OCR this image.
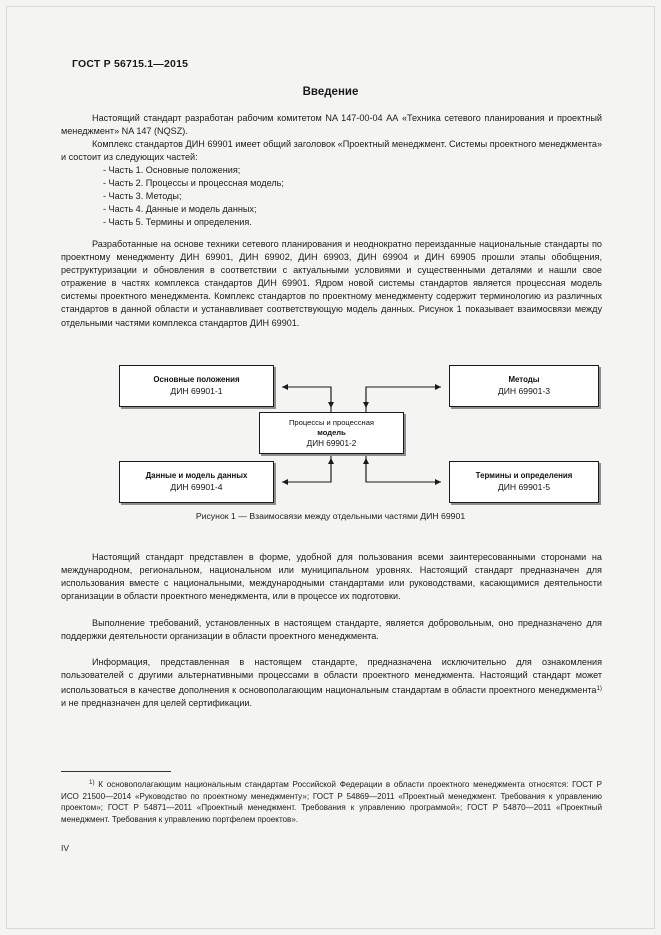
ГОСТ Р 56715.1—2015
Введение

Настоящий стандарт разработан рабочим комитетом NA 147-00-04 АА «Техника сетевого планирования и проектный менеджмент» NA 147 (NQSZ).

Комплекс стандартов ДИН 69901 имеет общий заголовок «Проектный менеджмент. Системы проектного менеджмента» и состоит из следующих частей:

- Часть 1. Основные положения;
- Часть 2. Процессы и процессная модель;
- Часть 3. Методы;
- Часть 4. Данные и модель данных;
- Часть 5. Термины и определения.

Разработанные на основе техники сетевого планирования и неоднократно переизданные национальные стандарты по проектному менеджменту ДИН 69901, ДИН 69902, ДИН 69903, ДИН 69904 и ДИН 69905 прошли этапы обобщения, реструктуризации и обновления в соответствии с актуальными условиями и существенными деталями и нашли свое отражение в частях комплекса стандартов ДИН 69901. Ядром новой системы стандартов является процессная модель системы проектного менеджмента. Комплекс стандартов по проектному менеджменту содержит терминологию из различных стандартов в данной области и устанавливает соответствующую модель данных. Рисунок 1 показывает взаимосвязи между отдельными частями комплекса стандартов ДИН 69901.

Основные положения
ДИН 69901-1
Методы
ДИН 69901-3
Процессы и процессная
модель
ДИН 69901-2
Данные и модель данных
ДИН 69901-4
Термины и определения
ДИН 69901-5
Рисунок 1 — Взаимосвязи между отдельными частями ДИН 69901

Настоящий стандарт представлен в форме, удобной для пользования всеми заинтересованными сторонами на международном, региональном, национальном или муниципальном уровнях. Настоящий стандарт предназначен для использования вместе с национальными, международными стандартами или руководствами, касающимися деятельности организации в области проектного менеджмента, или в процессе их подготовки.

Выполнение требований, установленных в настоящем стандарте, является добровольным, оно предназначено для поддержки деятельности организации в области проектного менеджмента.

Информация, представленная в настоящем стандарте, предназначена исключительно для ознакомления пользователей с другими альтернативными процессами в области проектного менеджмента. Настоящий стандарт может использоваться в качестве дополнения к основополагающим национальным стандартам в области проектного менеджмента$^{1)}$ и не предназначен для целей сертификации.

$^{1)}$ К основополагающим национальным стандартам Российской Федерации в области проектного менеджмента относятся: ГОСТ Р ИСО 21500—2014 «Руководство по проектному менеджменту»; ГОСТ Р 54869—2011 «Проектный менеджмент. Требования к управлению проектом»; ГОСТ Р 54871—2011 «Проектный менеджмент. Требования к управлению программой»; ГОСТ Р 54870—2011 «Проектный менеджмент. Требования к управлению портфелем проектов».
IV
